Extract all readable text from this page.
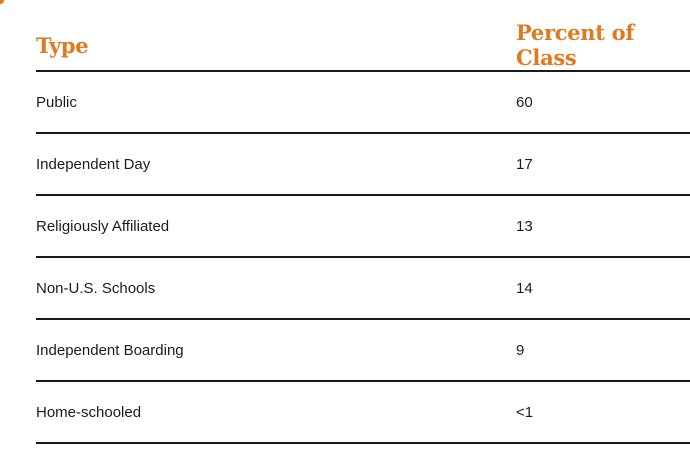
Type	Percent of Class
Public	60
Independent Day	17
Religiously Affiliated	13
Non-U.S. Schools	14
Independent Boarding	9
Home-schooled	<1
